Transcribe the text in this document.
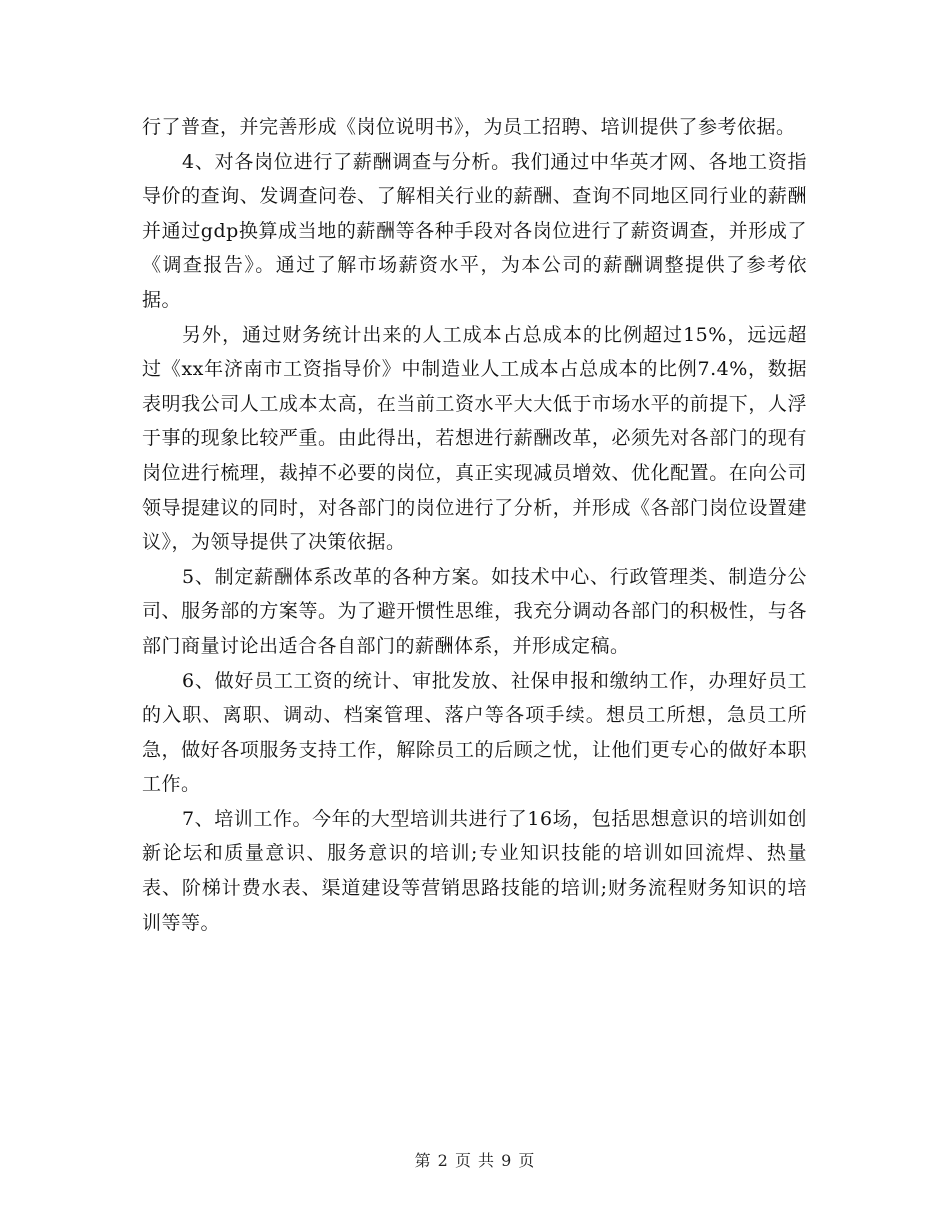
行了普查，并完善形成《岗位说明书》，为员工招聘、培训提供了参考依据。

4、对各岗位进行了薪酬调查与分析。我们通过中华英才网、各地工资指导价的查询、发调查问卷、了解相关行业的薪酬、查询不同地区同行业的薪酬并通过gdp换算成当地的薪酬等各种手段对各岗位进行了薪资调查，并形成了《调查报告》。通过了解市场薪资水平，为本公司的薪酬调整提供了参考依据。

另外，通过财务统计出来的人工成本占总成本的比例超过15%，远远超过《xx年济南市工资指导价》中制造业人工成本占总成本的比例7.4%，数据表明我公司人工成本太高，在当前工资水平大大低于市场水平的前提下，人浮于事的现象比较严重。由此得出，若想进行薪酬改革，必须先对各部门的现有岗位进行梳理，裁掉不必要的岗位，真正实现减员增效、优化配置。在向公司领导提建议的同时，对各部门的岗位进行了分析，并形成《各部门岗位设置建议》，为领导提供了决策依据。

5、制定薪酬体系改革的各种方案。如技术中心、行政管理类、制造分公司、服务部的方案等。为了避开惯性思维，我充分调动各部门的积极性，与各部门商量讨论出适合各自部门的薪酬体系，并形成定稿。

6、做好员工工资的统计、审批发放、社保申报和缴纳工作，办理好员工的入职、离职、调动、档案管理、落户等各项手续。想员工所想，急员工所急，做好各项服务支持工作，解除员工的后顾之忧，让他们更专心的做好本职工作。

7、培训工作。今年的大型培训共进行了16场，包括思想意识的培训如创新论坛和质量意识、服务意识的培训;专业知识技能的培训如回流焊、热量表、阶梯计费水表、渠道建设等营销思路技能的培训;财务流程财务知识的培训等等。

第 2 页 共 9 页
